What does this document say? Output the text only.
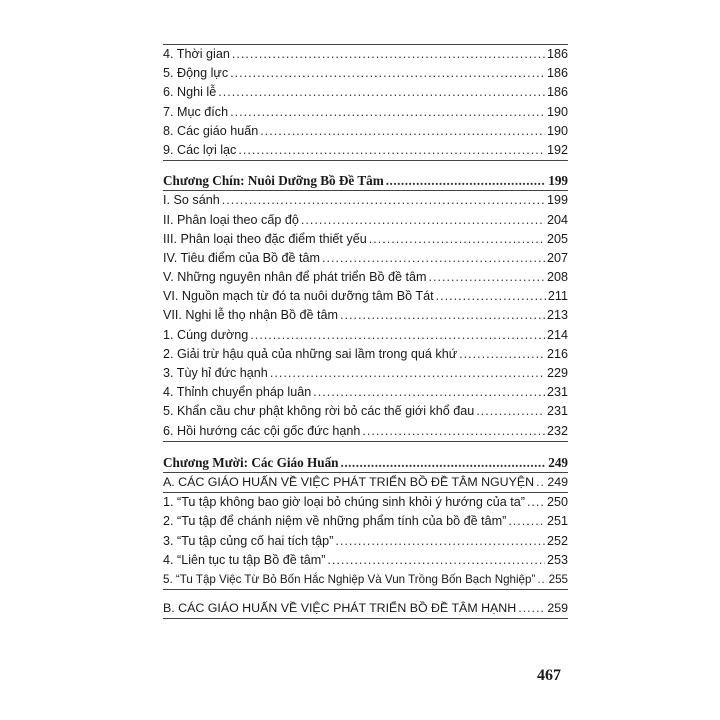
4. Thời gian .....	186
5. Động lực .....	186
6. Nghi lễ .....	186
7. Mục đích .....	190
8. Các giáo huấn .....	190
9. Các lợi lạc .....	192
Chương Chín: Nuôi Dưỡng Bồ Đề Tâm .....	199
I. So sánh .....	199
II. Phân loại theo cấp độ .....	204
III. Phân loại theo đặc điểm thiết yếu .....	205
IV. Tiêu điểm của Bồ đề tâm .....	207
V. Những nguyên nhân để phát triển Bồ đề tâm .....	208
VI. Nguồn mạch từ đó ta nuôi dưỡng tâm Bồ Tát .....	211
VII. Nghi lễ thọ nhận Bồ đề tâm .....	213
1. Cúng dường .....	214
2. Giải trừ hậu quả của những sai lầm trong quá khứ .....	216
3. Tùy hỉ đức hạnh .....	229
4. Thỉnh chuyển pháp luân .....	231
5. Khẩn cầu chư phật không rời bỏ các thế giới khổ đau .....	231
6. Hồi hướng các cội gốc đức hạnh .....	232
Chương Mười: Các Giáo Huấn .....	249
A. CÁC GIÁO HUẤN VỀ VIỆC PHÁT TRIỂN BỒ ĐỀ TÂM NGUYỆN ..... 249
1. “Tu tập không bao giờ loại bỏ chúng sinh khỏi ý hướng của ta” ..... 250
2. “Tu tập để chánh niệm về những phẩm tính của bồ đề tâm” .....	251
3. “Tu tập củng cố hai tích tập” .....	252
4. “Liên tục tu tập Bồ đề tâm” .....	253
5. “Tu Tập Việc Từ Bỏ Bốn Hắc Nghiệp Và Vun Trồng Bốn Bạch Nghiệp” ..... 255
B. CÁC GIÁO HUẤN VỀ VIỆC PHÁT TRIỂN BỒ ĐỀ TÂM HẠNH .....	259
467
